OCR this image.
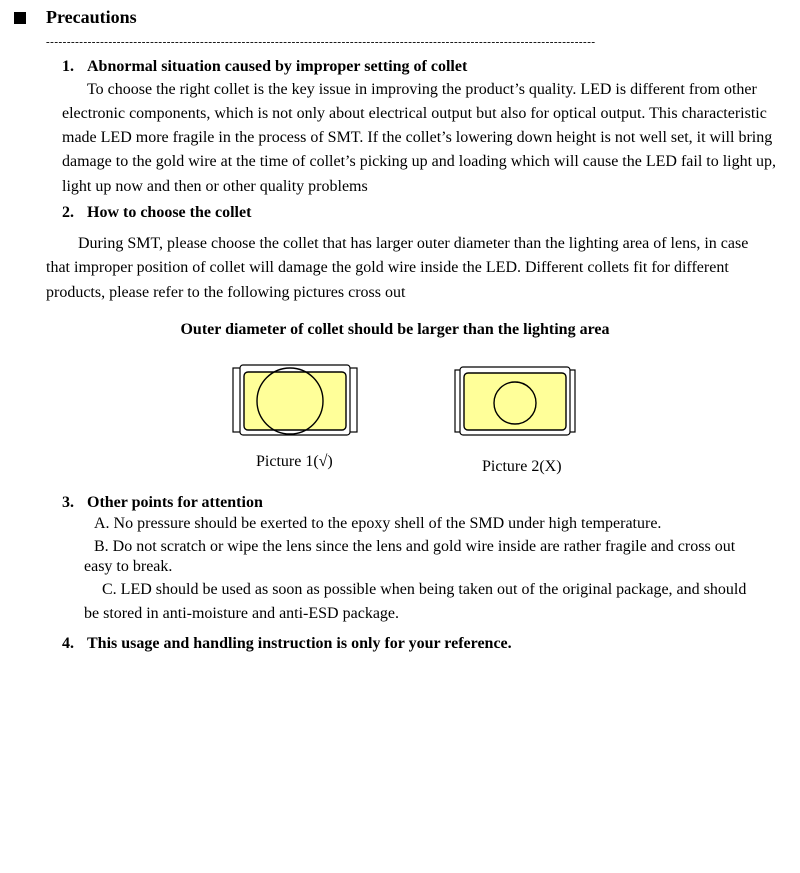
Precautions
------------------------------------------------------------------------------------------------------------------------------------
1. Abnormal situation caused by improper setting of collet
To choose the right collet is the key issue in improving the product’s quality. LED is different from other
electronic components, which is not only about electrical output but also for optical output. This characteristic
made LED more fragile in the process of SMT. If the collet’s lowering down height is not well set, it will bring
damage to the gold wire at the time of collet’s picking up and loading which will cause the LED fail to light up,
light up now and then or other quality problems
2. How to choose the collet
During SMT, please choose the collet that has larger outer diameter than the lighting area of lens, in case
that improper position of collet will damage the gold wire inside the LED. Different collets fit for different
products, please refer to the following pictures cross out
Outer diameter of collet should be larger than the lighting area
Picture 1(√)	Picture 2(X)
3. Other points for attention
A. No pressure should be exerted to the epoxy shell of the SMD under high temperature.
B. Do not scratch or wipe the lens since the lens and gold wire inside are rather fragile and cross out
easy to break.
C. LED should be used as soon as possible when being taken out of the original package, and should
be stored in anti-moisture and anti-ESD package.
4. This usage and handling instruction is only for your reference.
